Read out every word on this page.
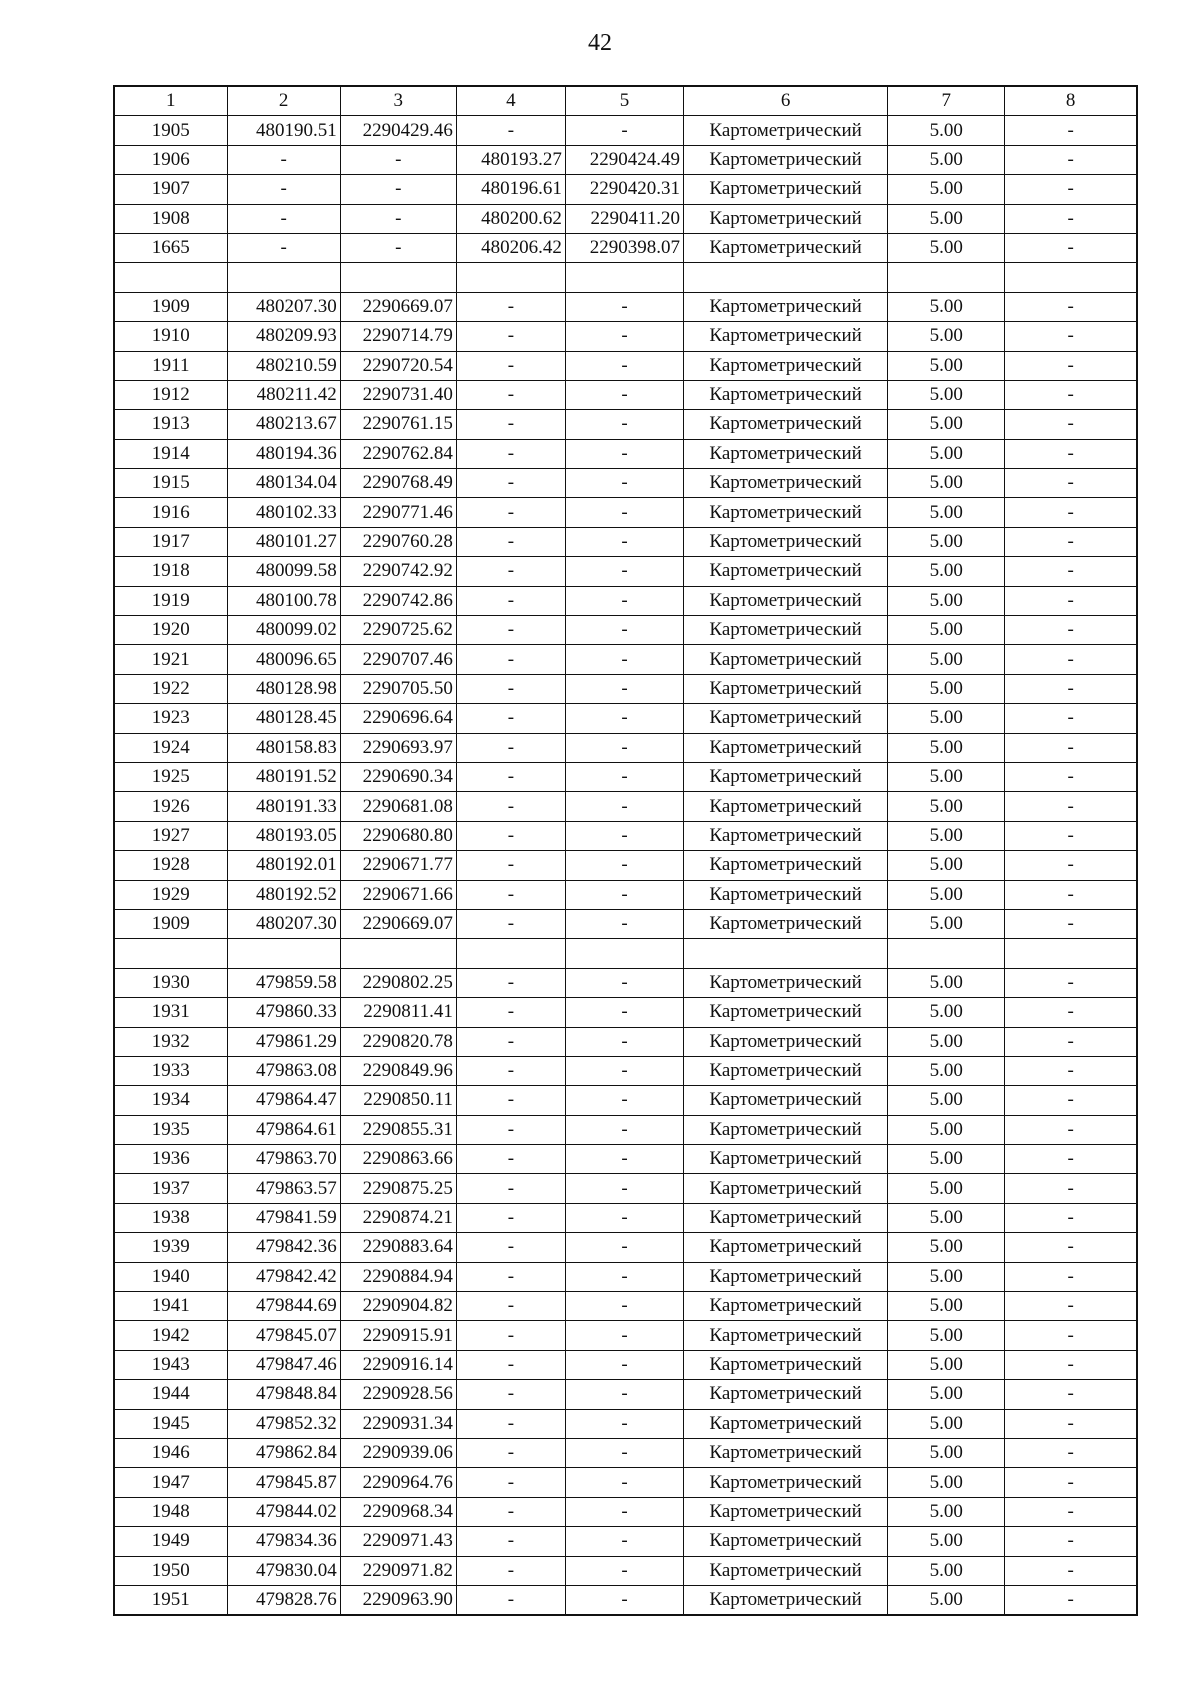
42
1	2	3	4	5	6	7	8
1905	480190.51	2290429.46	-	-	Картометрический	5.00	-
1906	-	-	480193.27	2290424.49	Картометрический	5.00	-
1907	-	-	480196.61	2290420.31	Картометрический	5.00	-
1908	-	-	480200.62	2290411.20	Картометрический	5.00	-
1665	-	-	480206.42	2290398.07	Картометрический	5.00	-

1909	480207.30	2290669.07	-	-	Картометрический	5.00	-
1910	480209.93	2290714.79	-	-	Картометрический	5.00	-
1911	480210.59	2290720.54	-	-	Картометрический	5.00	-
1912	480211.42	2290731.40	-	-	Картометрический	5.00	-
1913	480213.67	2290761.15	-	-	Картометрический	5.00	-
1914	480194.36	2290762.84	-	-	Картометрический	5.00	-
1915	480134.04	2290768.49	-	-	Картометрический	5.00	-
1916	480102.33	2290771.46	-	-	Картометрический	5.00	-
1917	480101.27	2290760.28	-	-	Картометрический	5.00	-
1918	480099.58	2290742.92	-	-	Картометрический	5.00	-
1919	480100.78	2290742.86	-	-	Картометрический	5.00	-
1920	480099.02	2290725.62	-	-	Картометрический	5.00	-
1921	480096.65	2290707.46	-	-	Картометрический	5.00	-
1922	480128.98	2290705.50	-	-	Картометрический	5.00	-
1923	480128.45	2290696.64	-	-	Картометрический	5.00	-
1924	480158.83	2290693.97	-	-	Картометрический	5.00	-
1925	480191.52	2290690.34	-	-	Картометрический	5.00	-
1926	480191.33	2290681.08	-	-	Картометрический	5.00	-
1927	480193.05	2290680.80	-	-	Картометрический	5.00	-
1928	480192.01	2290671.77	-	-	Картометрический	5.00	-
1929	480192.52	2290671.66	-	-	Картометрический	5.00	-
1909	480207.30	2290669.07	-	-	Картометрический	5.00	-

1930	479859.58	2290802.25	-	-	Картометрический	5.00	-
1931	479860.33	2290811.41	-	-	Картометрический	5.00	-
1932	479861.29	2290820.78	-	-	Картометрический	5.00	-
1933	479863.08	2290849.96	-	-	Картометрический	5.00	-
1934	479864.47	2290850.11	-	-	Картометрический	5.00	-
1935	479864.61	2290855.31	-	-	Картометрический	5.00	-
1936	479863.70	2290863.66	-	-	Картометрический	5.00	-
1937	479863.57	2290875.25	-	-	Картометрический	5.00	-
1938	479841.59	2290874.21	-	-	Картометрический	5.00	-
1939	479842.36	2290883.64	-	-	Картометрический	5.00	-
1940	479842.42	2290884.94	-	-	Картометрический	5.00	-
1941	479844.69	2290904.82	-	-	Картометрический	5.00	-
1942	479845.07	2290915.91	-	-	Картометрический	5.00	-
1943	479847.46	2290916.14	-	-	Картометрический	5.00	-
1944	479848.84	2290928.56	-	-	Картометрический	5.00	-
1945	479852.32	2290931.34	-	-	Картометрический	5.00	-
1946	479862.84	2290939.06	-	-	Картометрический	5.00	-
1947	479845.87	2290964.76	-	-	Картометрический	5.00	-
1948	479844.02	2290968.34	-	-	Картометрический	5.00	-
1949	479834.36	2290971.43	-	-	Картометрический	5.00	-
1950	479830.04	2290971.82	-	-	Картометрический	5.00	-
1951	479828.76	2290963.90	-	-	Картометрический	5.00	-
